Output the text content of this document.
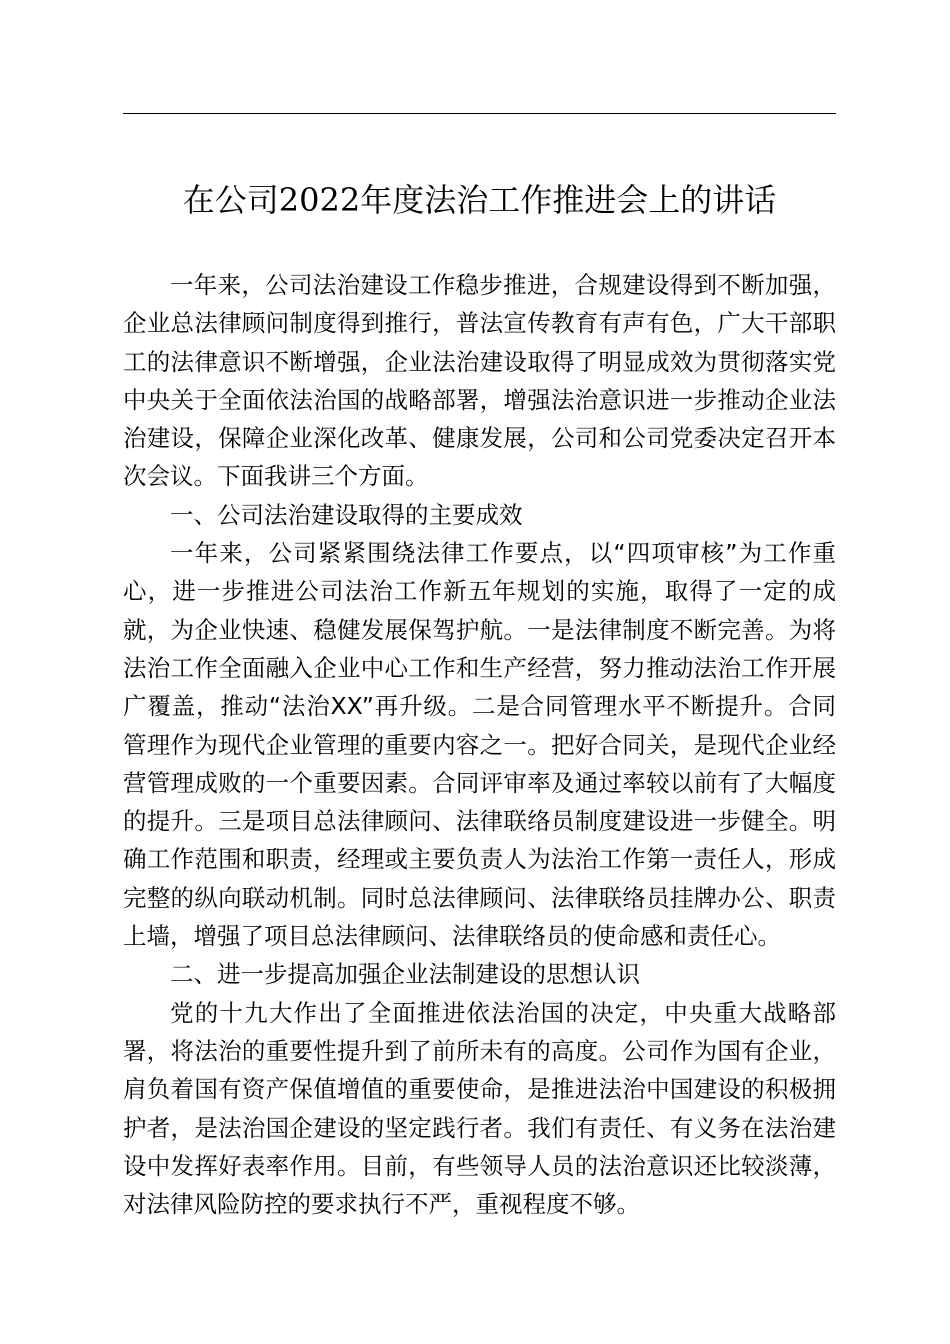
在公司2022年度法治工作推进会上的讲话

一年来，公司法治建设工作稳步推进，合规建设得到不断加强，企业总法律顾问制度得到推行，普法宣传教育有声有色，广大干部职工的法律意识不断增强，企业法治建设取得了明显成效为贯彻落实党中央关于全面依法治国的战略部署，增强法治意识进一步推动企业法治建设，保障企业深化改革、健康发展，公司和公司党委决定召开本次会议。下面我讲三个方面。

一、公司法治建设取得的主要成效

一年来，公司紧紧围绕法律工作要点，以“四项审核”为工作重心，进一步推进公司法治工作新五年规划的实施，取得了一定的成就，为企业快速、稳健发展保驾护航。一是法律制度不断完善。为将法治工作全面融入企业中心工作和生产经营，努力推动法治工作开展广覆盖，推动“法治XX”再升级。二是合同管理水平不断提升。合同管理作为现代企业管理的重要内容之一。把好合同关，是现代企业经营管理成败的一个重要因素。合同评审率及通过率较以前有了大幅度的提升。三是项目总法律顾问、法律联络员制度建设进一步健全。明确工作范围和职责，经理或主要负责人为法治工作第一责任人，形成完整的纵向联动机制。同时总法律顾问、法律联络员挂牌办公、职责上墙，增强了项目总法律顾问、法律联络员的使命感和责任心。

二、进一步提高加强企业法制建设的思想认识

党的十九大作出了全面推进依法治国的决定，中央重大战略部署，将法治的重要性提升到了前所未有的高度。公司作为国有企业，肩负着国有资产保值增值的重要使命，是推进法治中国建设的积极拥护者，是法治国企建设的坚定践行者。我们有责任、有义务在法治建设中发挥好表率作用。目前，有些领导人员的法治意识还比较淡薄，对法律风险防控的要求执行不严，重视程度不够。
